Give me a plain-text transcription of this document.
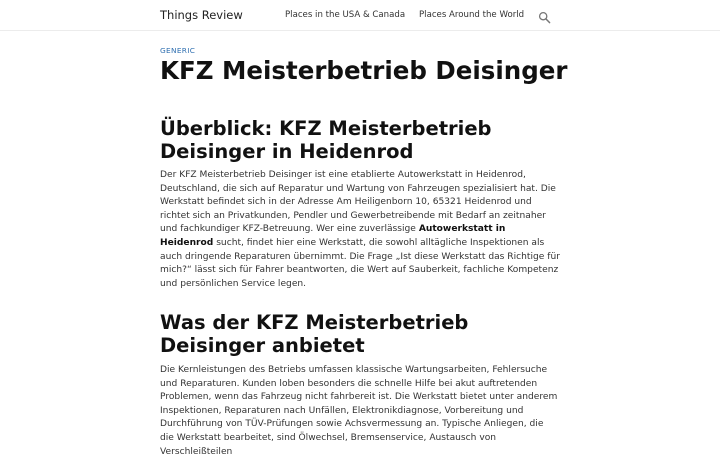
Things Review	Places in the USA & Canada Places Around the World
GENERIC
KFZ Meisterbetrieb Deisinger
Überblick: KFZ Meisterbetrieb Deisinger in Heidenrod

Der KFZ Meisterbetrieb Deisinger ist eine etablierte Autowerkstatt in Heidenrod, Deutschland, die sich auf Reparatur und Wartung von Fahrzeugen spezialisiert hat. Die Werkstatt befindet sich in der Adresse Am Heiligenborn 10, 65321 Heidenrod und richtet sich an Privatkunden, Pendler und Gewerbetreibende mit Bedarf an zeitnaher und fachkundiger KFZ-Betreuung. Wer eine zuverlässige Autowerkstatt in Heidenrod sucht, findet hier eine Werkstatt, die sowohl alltägliche Inspektionen als auch dringende Reparaturen übernimmt. Die Frage „Ist diese Werkstatt das Richtige für mich?“ lässt sich für Fahrer beantworten, die Wert auf Sauberkeit, fachliche Kompetenz und persönlichen Service legen.

Was der KFZ Meisterbetrieb Deisinger anbietet

Die Kernleistungen des Betriebs umfassen klassische Wartungsarbeiten, Fehlersuche und Reparaturen. Kunden loben besonders die schnelle Hilfe bei akut auftretenden Problemen, wenn das Fahrzeug nicht fahrbereit ist. Die Werkstatt bietet unter anderem Inspektionen, Reparaturen nach Unfällen, Elektronikdiagnose, Vorbereitung und Durchführung von TÜV-Prüfungen sowie Achsvermessung an. Typische Anliegen, die die Werkstatt bearbeitet, sind Ölwechsel, Bremsenservice, Austausch von Verschleißteilen
